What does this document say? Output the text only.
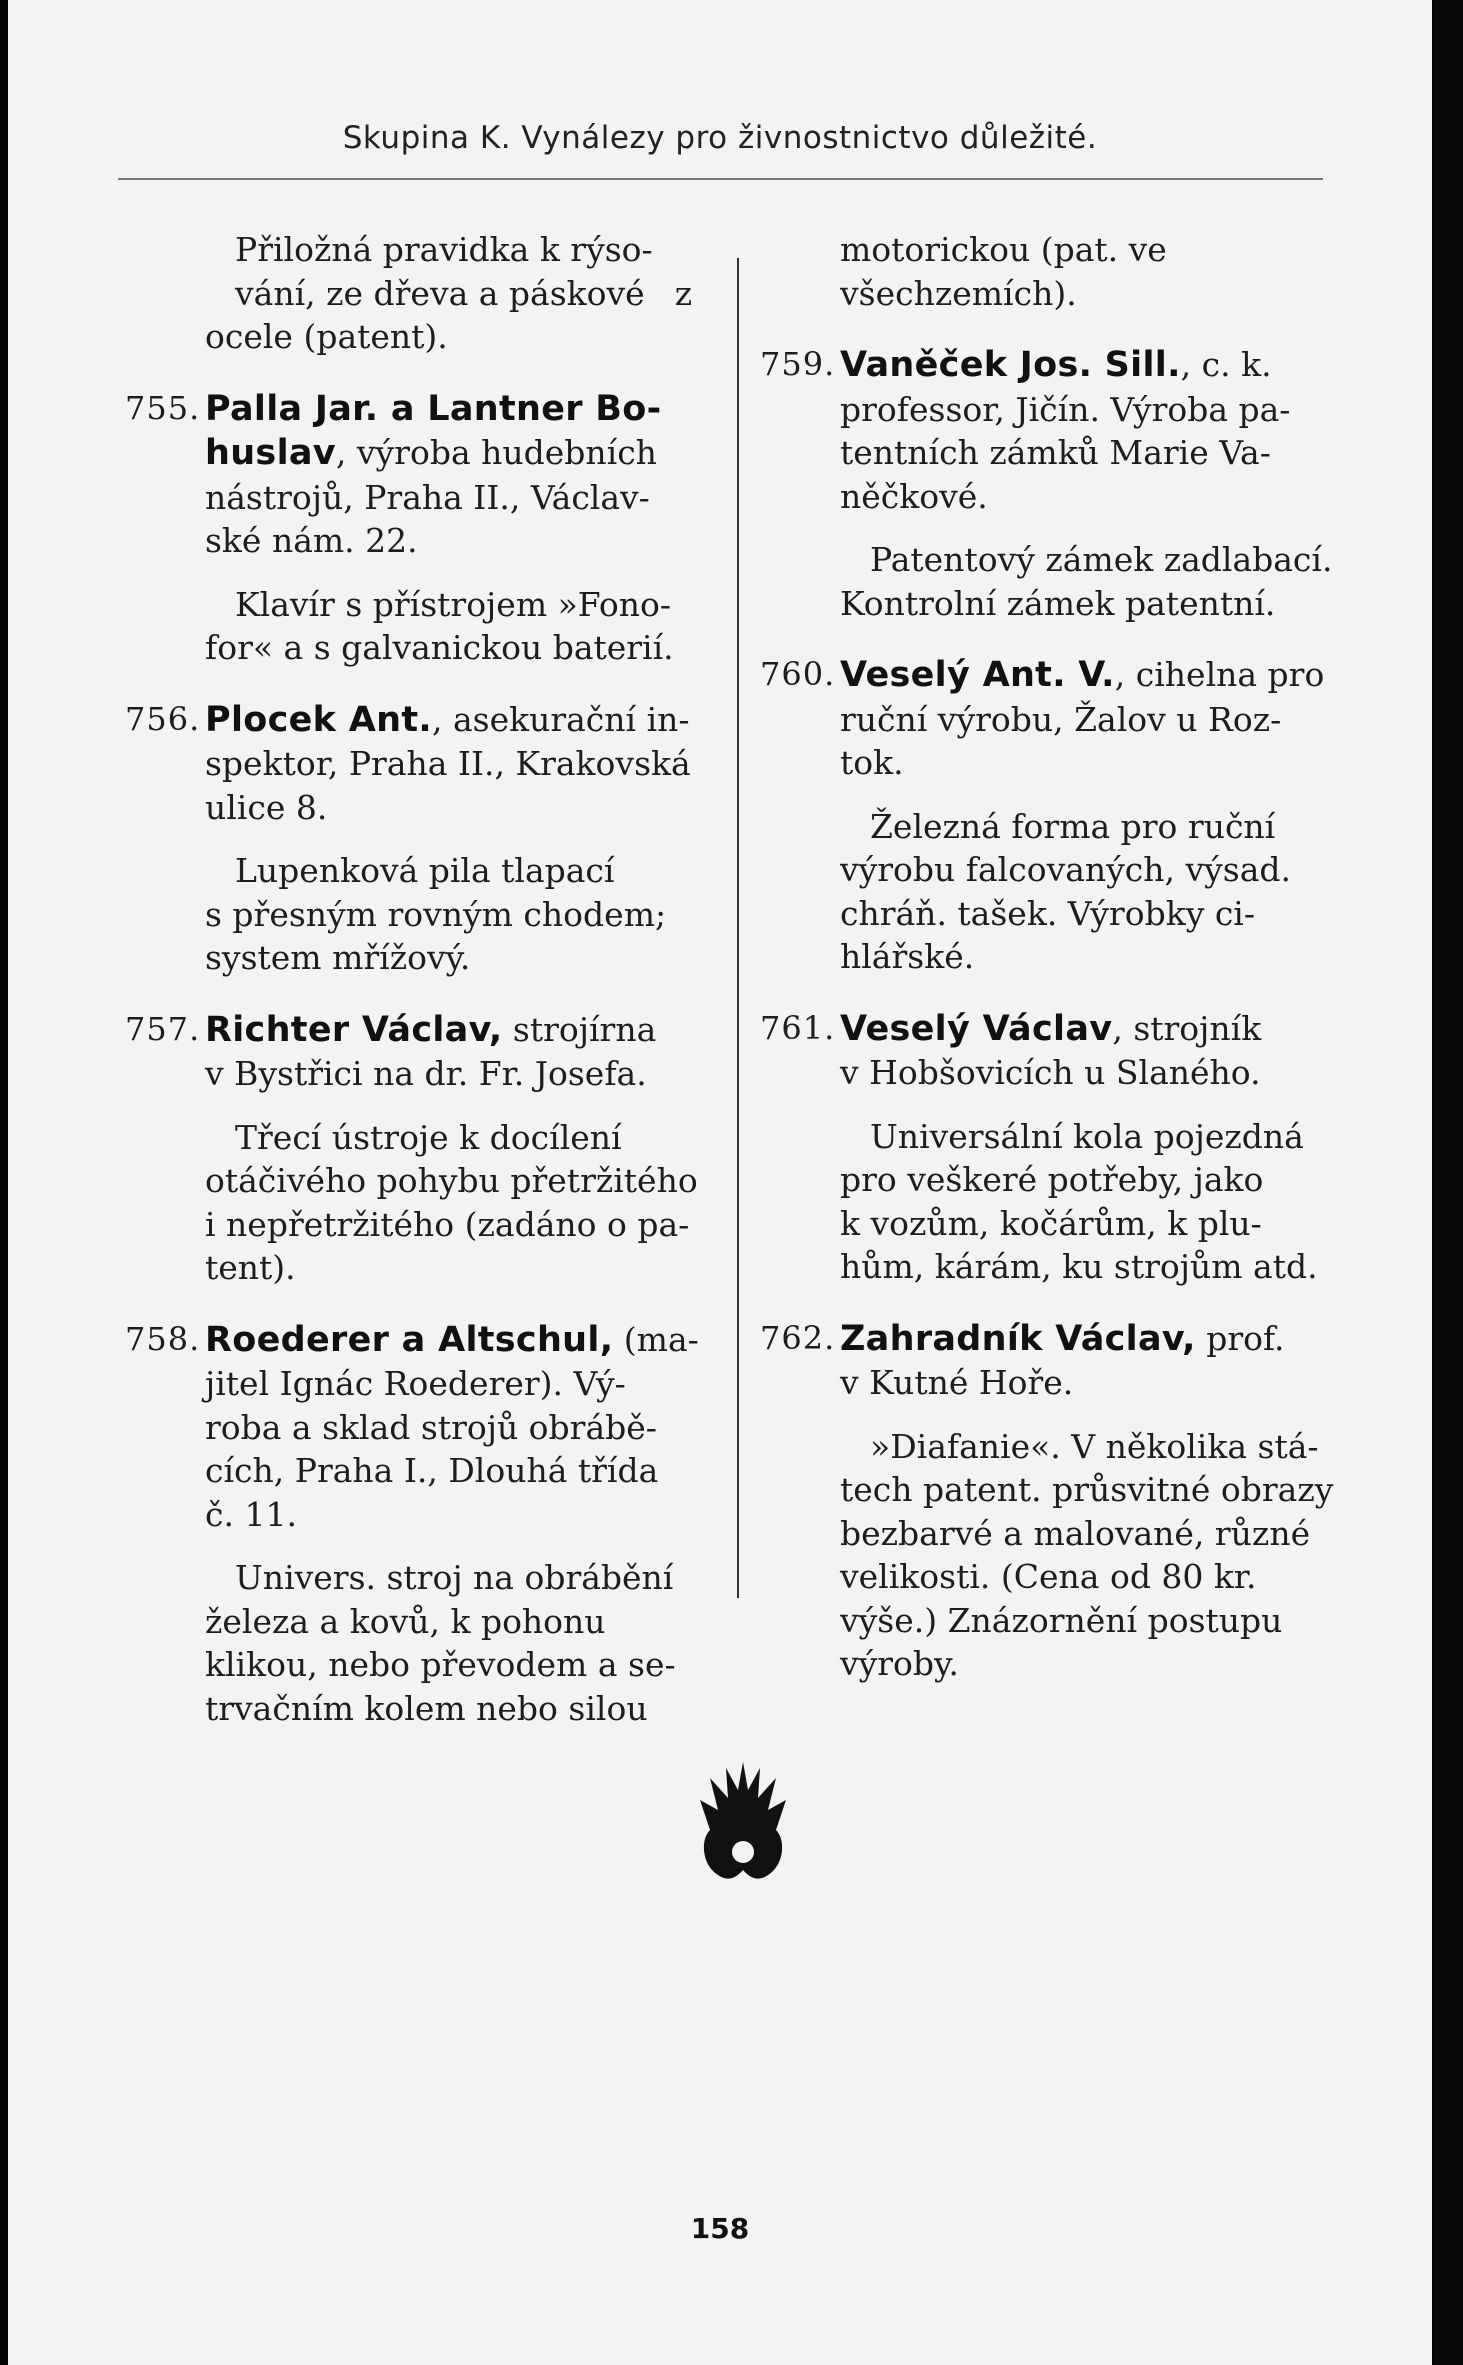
Skupina K. Vynálezy pro živnostnictvo důležité.
Přiložná pravidka k rýso-vání, ze dřeva a páskové z ocele (patent).
755. Palla Jar. a Lantner Bo-
huslav, výroba hudebních
nástrojů, Praha II., Václav-
ské nám. 22.
Klavír s přístrojem »Fono-
for« a s galvanickou baterií.
756. Plocek Ant., asekurační in-
spektor, Praha II., Krakovská
ulice 8.
Lupenková pila tlapací
s přesným rovným chodem;
system mřížový.
757. Richter Václav, strojírna
v Bystřici na dr. Fr. Josefa.
Třecí ústroje k docílení
otáčivého pohybu přetržitého
i nepřetržitého (zadáno o pa-
tent).
758. Roederer a Altschul, (ma-
jitel Ignác Roederer). Vý-
roba a sklad strojů obrábě-
cích, Praha I., Dlouhá třída
č. 11.
Univers. stroj na obrábění
železa a kovů, k pohonu
klikou, nebo převodem a se-
trvačním kolem nebo silou
motorickou (pat. ve všechzemích).
759. Vaněček Jos. Sill., c. k.
professor, Jičín. Výroba pa-
tentních zámků Marie Va-
něčkové.
Patentový zámek zadlabací.
Kontrolní zámek patentní.
760. Veselý Ant. V., cihelna pro
ruční výrobu, Žalov u Roz-
tok.
Železná forma pro ruční
výrobu falcovaných, výsad.
chráň. tašek. Výrobky ci-
hlářské.
761. Veselý Václav, strojník
v Hobšovicích u Slaného.
Universální kola pojezdná
pro veškeré potřeby, jako
k vozům, kočárům, k plu-
hům, kárám, ku strojům atd.
762. Zahradník Václav, prof.
v Kutné Hoře.
»Diafanie«. V několika stá-
tech patent. průsvitné obrazy
bezbarvé a malované, různé
velikosti. (Cena od 80 kr.
výše.) Znázornění postupu
výroby.
158
